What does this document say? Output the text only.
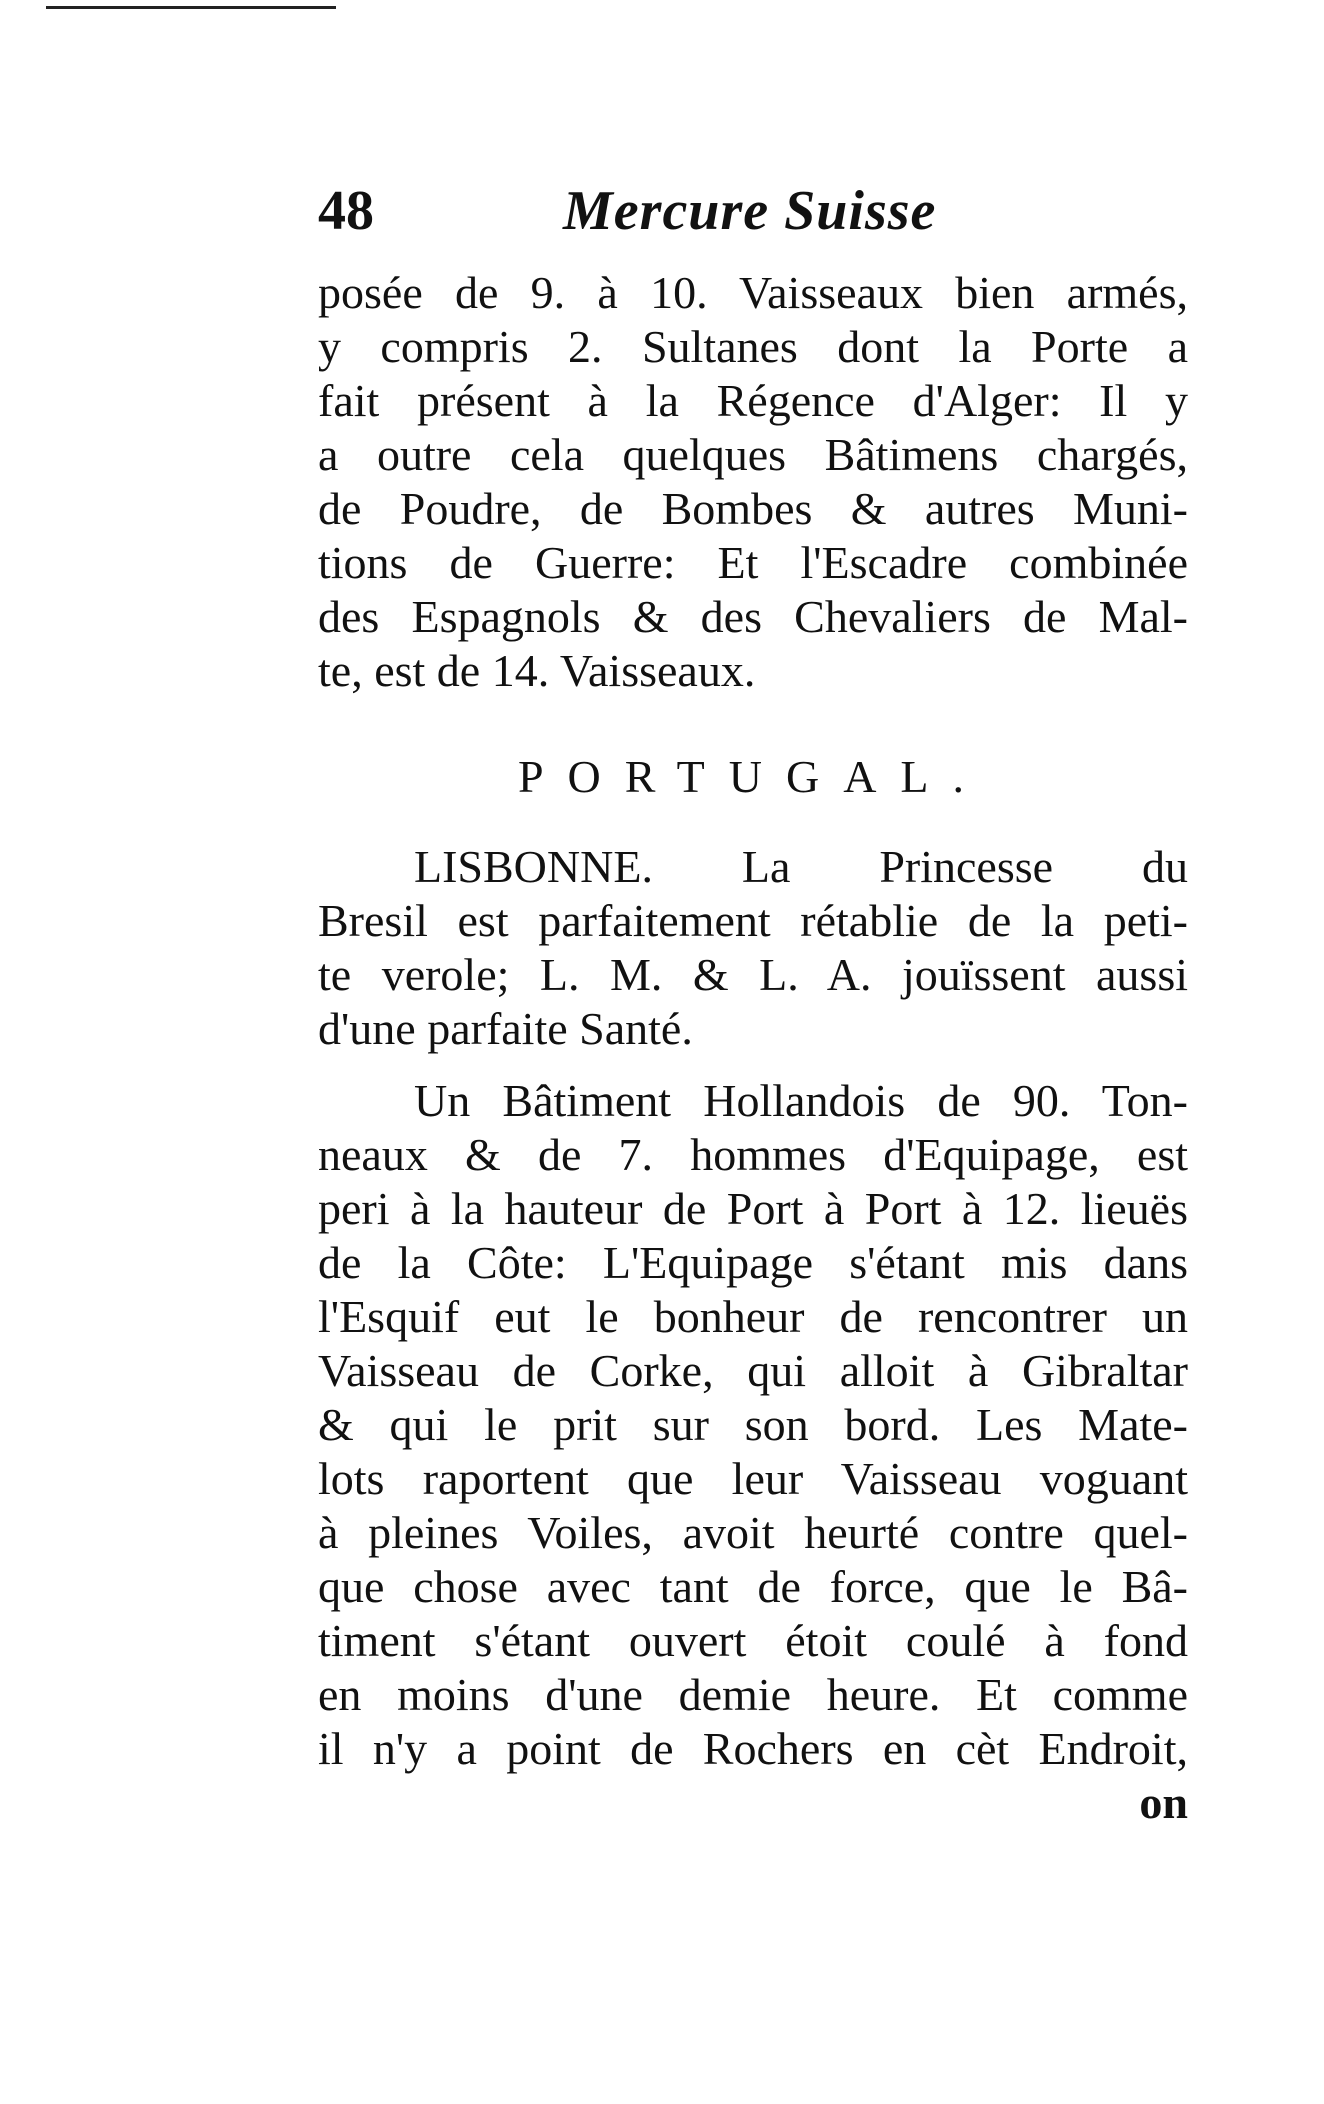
48	Mercure Suisse
posée de 9. à 10. Vaisseaux bien armés,
y compris 2. Sultanes dont la Porte a
fait présent à la Régence d'Alger: Il y
a outre cela quelques Bâtimens chargés,
de Poudre, de Bombes & autres Muni-
tions de Guerre: Et l'Escadre combinée
des Espagnols & des Chevaliers de Mal-
te, est de 14. Vaisseaux.
PORTUGAL.
LISBONNE. La Princesse du
Bresil est parfaitement rétablie de la peti-
te verole; L. M. & L. A. jouïssent aussi
d'une parfaite Santé.
Un Bâtiment Hollandois de 90. Ton-
neaux & de 7. hommes d'Equipage, est
peri à la hauteur de Port à Port à 12. lieuës
de la Côte: L'Equipage s'étant mis dans
l'Esquif eut le bonheur de rencontrer un
Vaisseau de Corke, qui alloit à Gibraltar
& qui le prit sur son bord. Les Mate-
lots raportent que leur Vaisseau voguant
à pleines Voiles, avoit heurté contre quel-
que chose avec tant de force, que le Bâ-
timent s'étant ouvert étoit coulé à fond
en moins d'une demie heure. Et comme
il n'y a point de Rochers en cèt Endroit,
on
